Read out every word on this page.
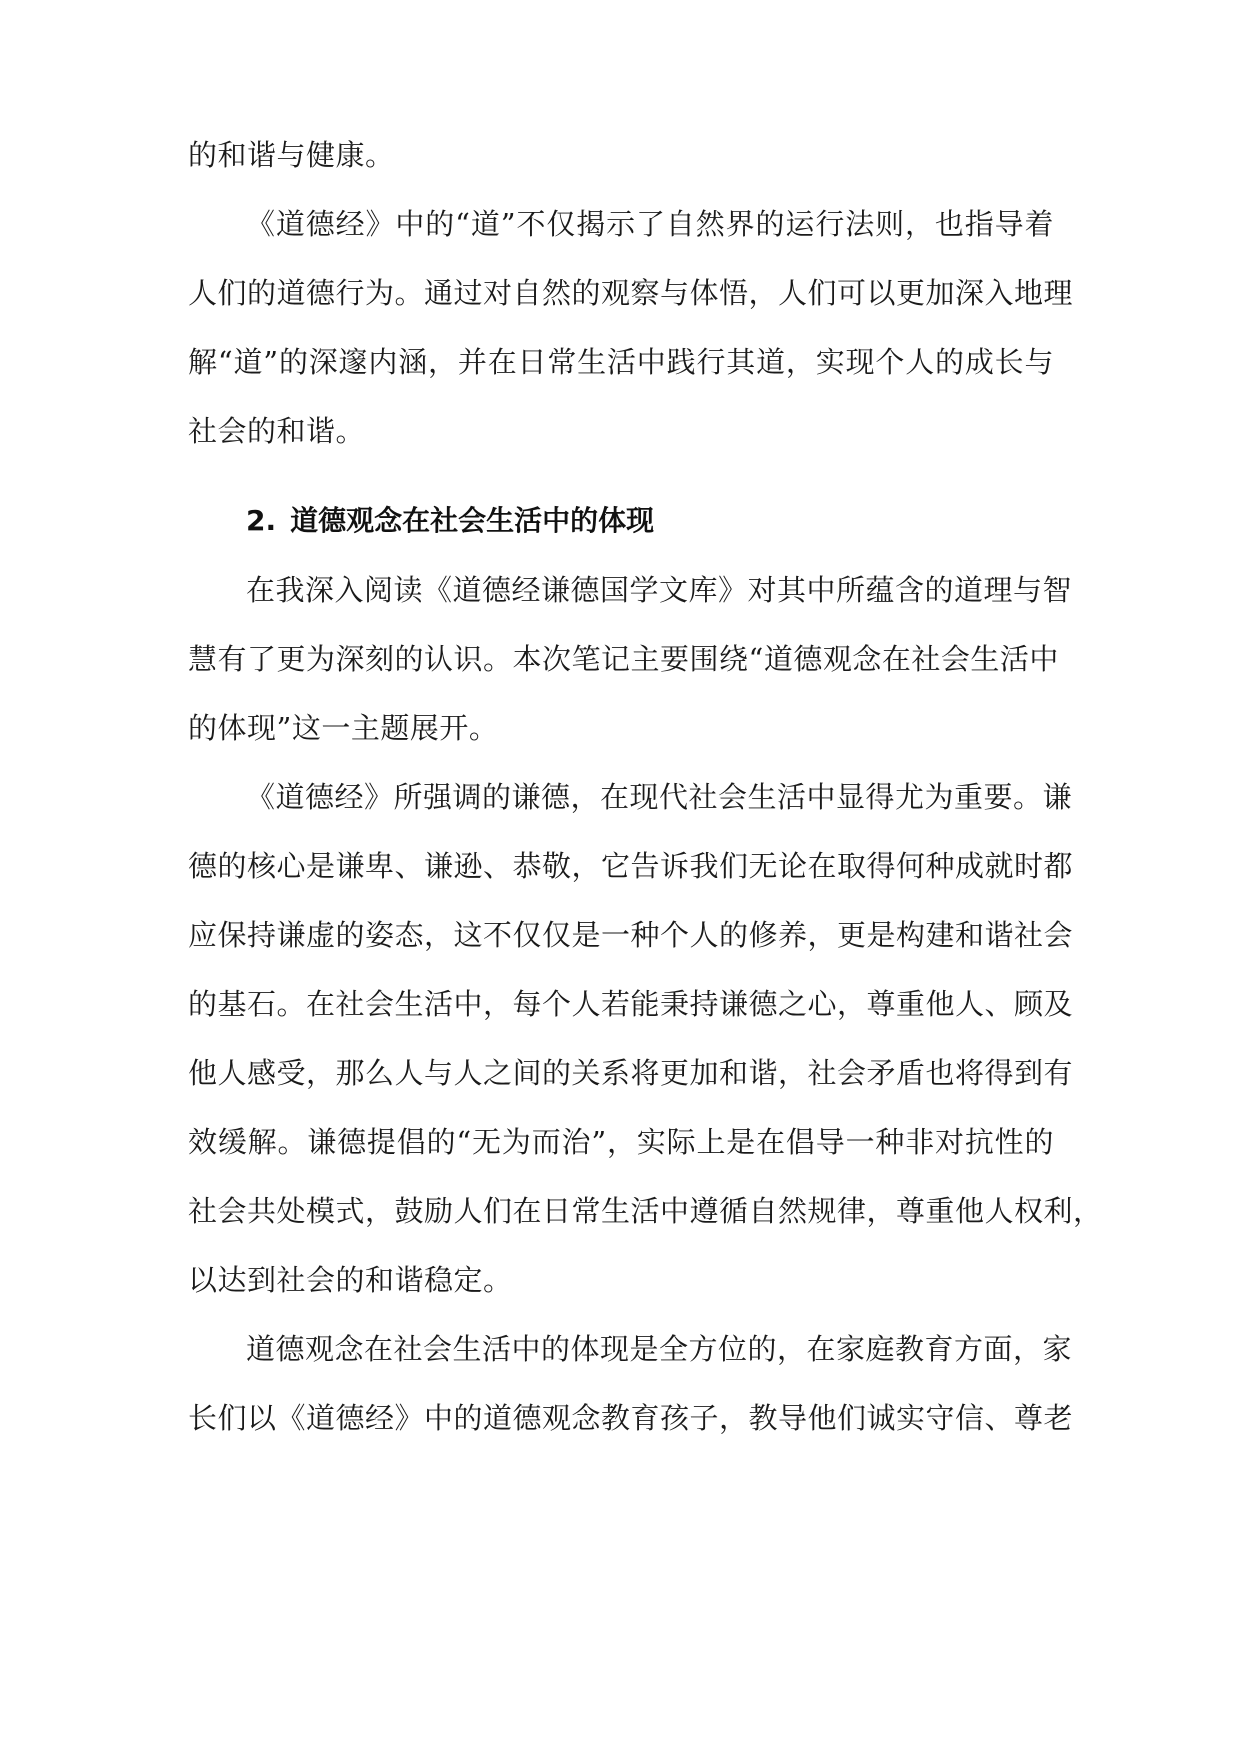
的和谐与健康。

《道德经》中的“道”不仅揭示了自然界的运行法则，也指导着

人们的道德行为。通过对自然的观察与体悟，人们可以更加深入地理

解“道”的深邃内涵，并在日常生活中践行其道，实现个人的成长与

社会的和谐。

2. 道德观念在社会生活中的体现

在我深入阅读《道德经谦德国学文库》对其中所蕴含的道理与智

慧有了更为深刻的认识。本次笔记主要围绕“道德观念在社会生活中

的体现”这一主题展开。

《道德经》所强调的谦德，在现代社会生活中显得尤为重要。谦

德的核心是谦卑、谦逊、恭敬，它告诉我们无论在取得何种成就时都

应保持谦虚的姿态，这不仅仅是一种个人的修养，更是构建和谐社会

的基石。在社会生活中，每个人若能秉持谦德之心，尊重他人、顾及

他人感受，那么人与人之间的关系将更加和谐，社会矛盾也将得到有

效缓解。谦德提倡的“无为而治”，实际上是在倡导一种非对抗性的

社会共处模式，鼓励人们在日常生活中遵循自然规律，尊重他人权利，

以达到社会的和谐稳定。

道德观念在社会生活中的体现是全方位的，在家庭教育方面，家

长们以《道德经》中的道德观念教育孩子，教导他们诚实守信、尊老
